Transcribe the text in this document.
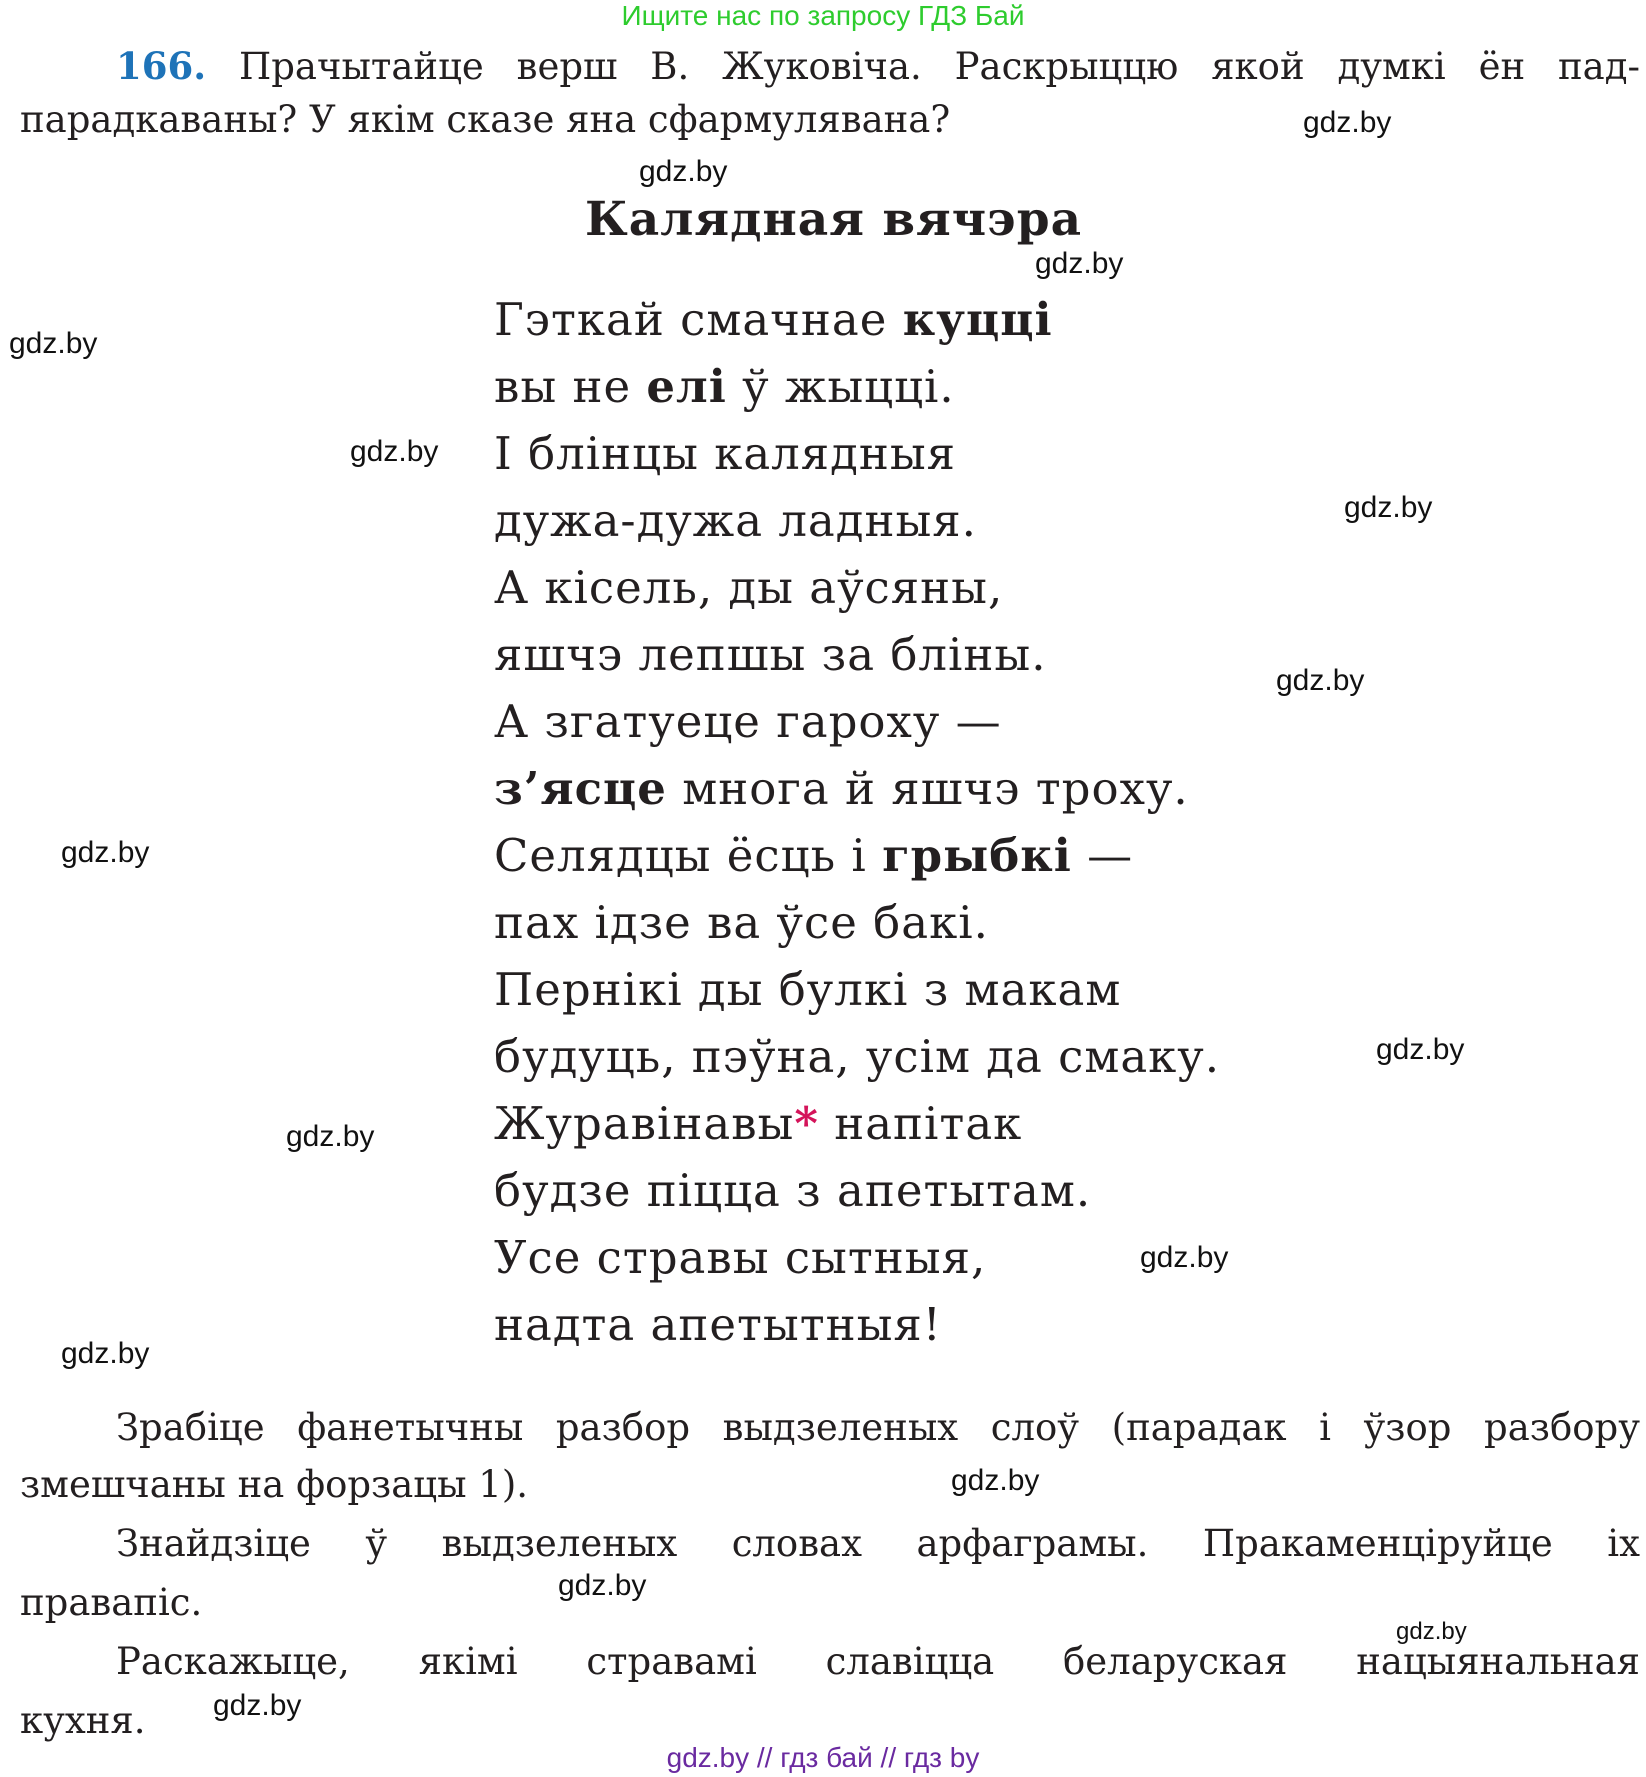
Ищите нас по запросу ГДЗ Бай
166. Прачытайце верш В. Жуковіча. Раскрыццю якой думкі ён пад-
парадкаваны? У якім сказе яна сфармулявана?
Калядная вячэра
Гэткай смачнае куцці
вы не елі ў жыцці.
І блінцы калядныя
дужа-дужа ладныя.
А кісель, ды аўсяны,
яшчэ лепшы за бліны.
А згатуеце гароху —
з’ясце многа й яшчэ троху.
Селядцы ёсць і грыбкі —
пах ідзе ва ўсе бакі.
Пернікі ды булкі з макам
будуць, пэўна, усім да смаку.
Журавінавы* напітак
будзе піцца з апетытам.
Усе стравы сытныя,
надта апетытныя!
Зрабіце фанетычны разбор выдзеленых слоў (парадак і ўзор разбору
змешчаны на форзацы 1).
Знайдзіце ў выдзеленых словах арфаграмы. Пракаменціруйце іх
правапіс.
Раскажыце, якімі стравамі славіцца беларуская нацыянальная
кухня.
gdz.by
gdz.by
gdz.by
gdz.by
gdz.by
gdz.by
gdz.by
gdz.by
gdz.by
gdz.by
gdz.by
gdz.by
gdz.by
gdz.by
gdz.by
gdz.by
gdz.by // гдз бай // гдз by
